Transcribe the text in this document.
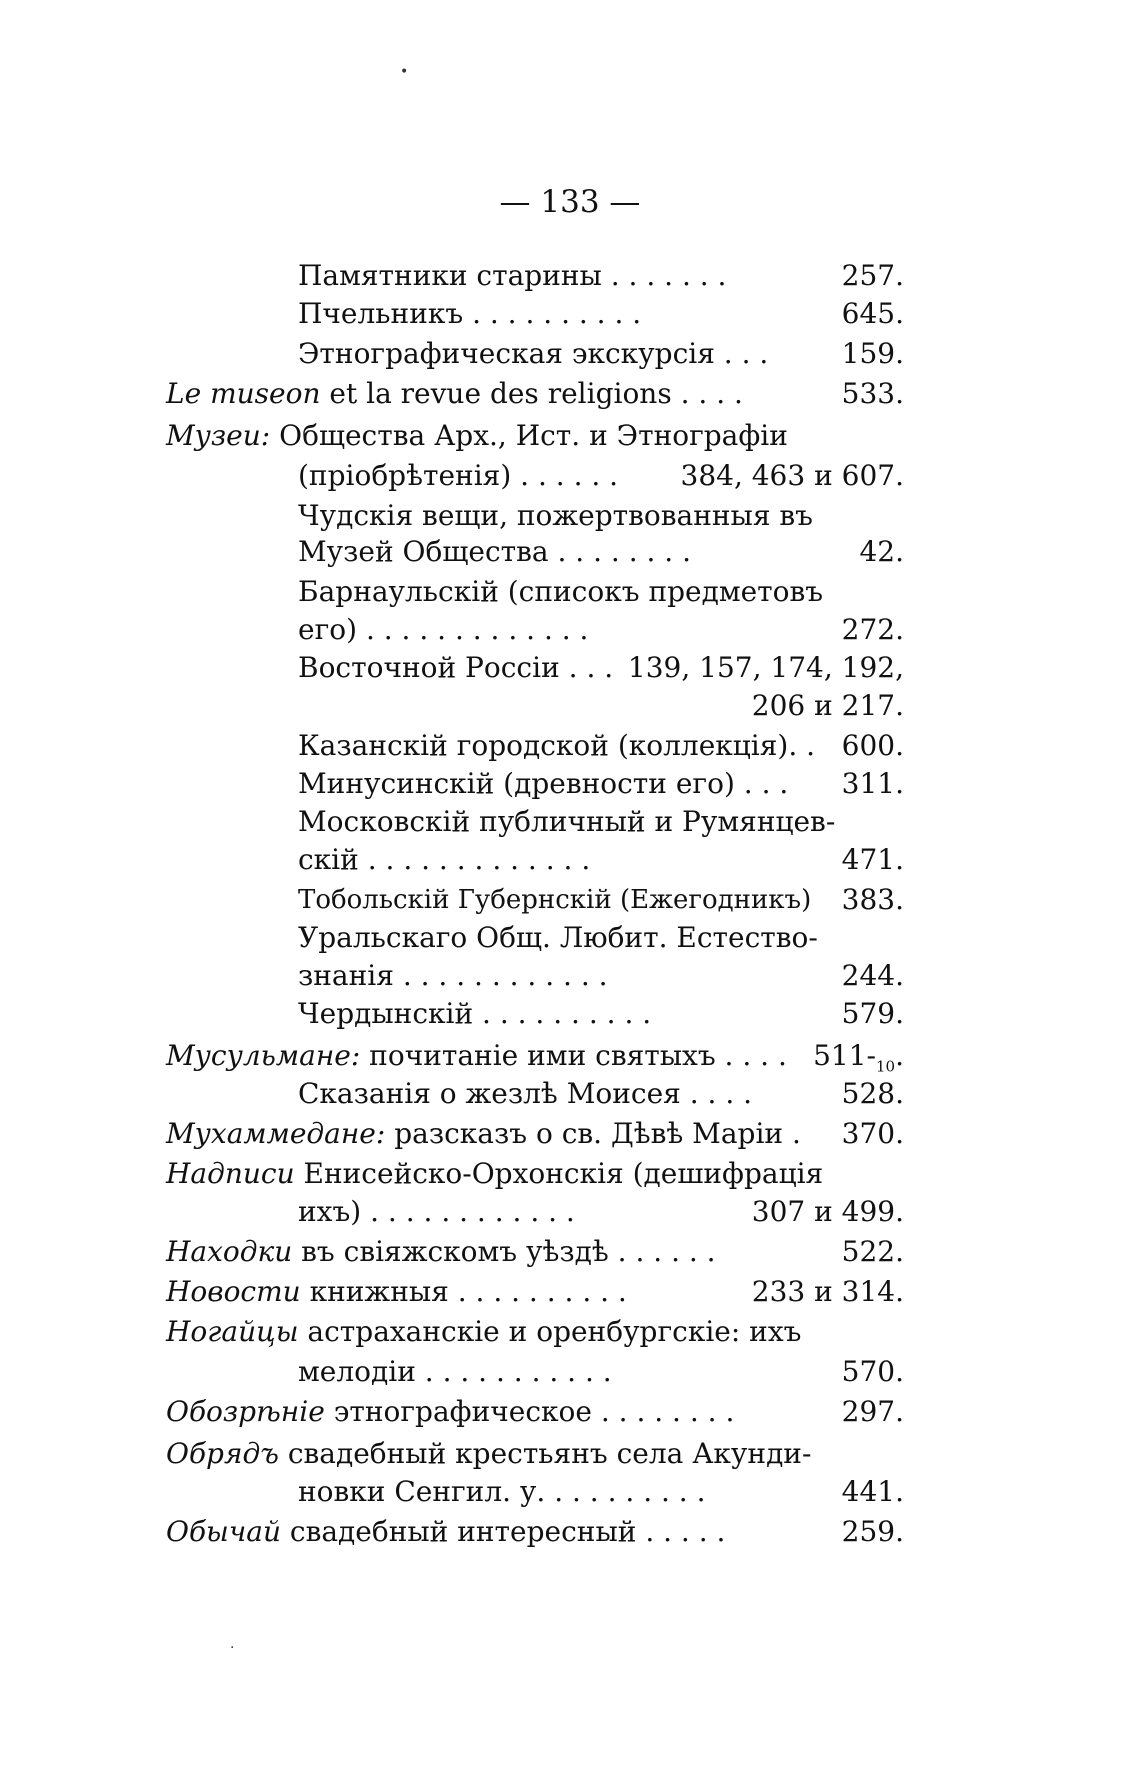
•
·
— 133 —
Памятники старины . . . . . . .	257.
Пчельникъ . . . . . . . . . .	645.
Этнографическая экскурсія . . .	159.
Le museon et la revue des religions . . . .	533.
Музеи: Общества Арх., Ист. и Этнографіи
(пріобрѣтенія) . . . . . . 384, 463 и 607.
Чудскія вещи, пожертвованныя въ
Музей Общества . . . . . . . .	42.
Барнаульскій (списокъ предметовъ
его) . . . . . . . . . . . . .	272.
Восточной Россіи . . . 139, 157, 174, 192,
206 и 217.
Казанскій городской (коллекція). . 600.
Минусинскій (древности его) . . . 311.
Московскій публичный и Румянцев-
скій . . . . . . . . . . . . .	471.
Тобольскій Губернскій (Ежегодникъ) 383.
Уральскаго Общ. Любит. Естество-
знанія . . . . . . . . . . . .	244.
Чердынскій . . . . . . . . . .	579.
Мусульмане: почитаніе ими святыхъ . . . . $511-_{10}$.
Сказанія о жезлѣ Моисея . . . .	528.
Мухаммедане: разсказъ о св. Дѣвѣ Маріи . 370.
Надписи Енисейско-Орхонскія (дешифрація
ихъ) . . . . . . . . . . . .	307 и 499.
Находки въ свіяжскомъ уѣздѣ . . . . . .	522.
Новости книжныя . . . . . . . . . .	233 и 314.
Ногайцы астраханскіе и оренбургскіе: ихъ
мелодіи . . . . . . . . . . .	570.
Обозрѣніе этнографическое . . . . . . . .	297.
Обрядъ свадебный крестьянъ села Акунди-
новки Сенгил. у. . . . . . . . . .	441.
Обычай свадебный интересный . . . . .	259.
